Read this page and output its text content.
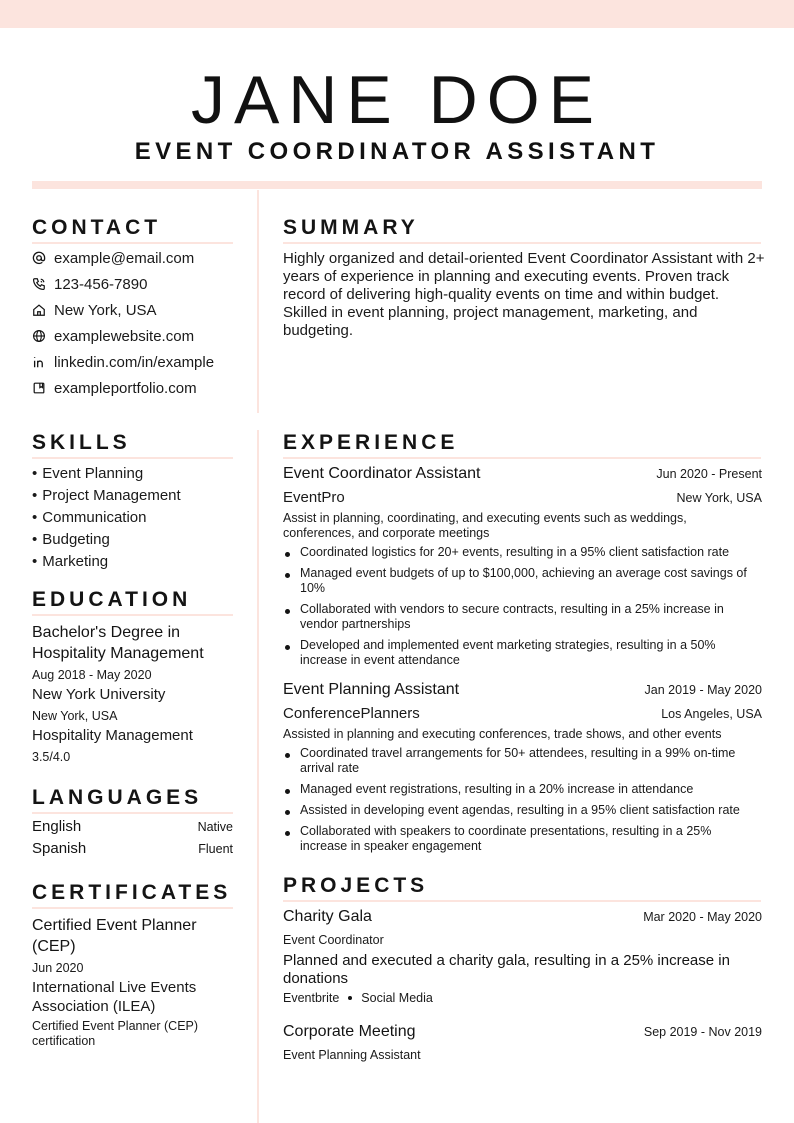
JANE DOE
EVENT COORDINATOR ASSISTANT
CONTACT
example@email.com
123-456-7890
New York, USA
examplewebsite.com
linkedin.com/in/example
exampleportfolio.com
SKILLS
• Event Planning
• Project Management
• Communication
• Budgeting
• Marketing
EDUCATION
Bachelor's Degree in Hospitality Management
Aug 2018 - May 2020
New York University
New York, USA
Hospitality Management
3.5/4.0
LANGUAGES
English	Native
Spanish	Fluent
CERTIFICATES
Certified Event Planner (CEP)
Jun 2020
International Live Events Association (ILEA)
Certified Event Planner (CEP) certification
SUMMARY
Highly organized and detail-oriented Event Coordinator Assistant with 2+ years of experience in planning and executing events. Proven track record of delivering high-quality events on time and within budget. Skilled in event planning, project management, marketing, and budgeting.
EXPERIENCE
Event Coordinator Assistant	Jun 2020 - Present
EventPro	New York, USA
Assist in planning, coordinating, and executing events such as weddings, conferences, and corporate meetings
Coordinated logistics for 20+ events, resulting in a 95% client satisfaction rate
Managed event budgets of up to $100,000, achieving an average cost savings of 10%
Collaborated with vendors to secure contracts, resulting in a 25% increase in vendor partnerships
Developed and implemented event marketing strategies, resulting in a 50% increase in event attendance
Event Planning Assistant	Jan 2019 - May 2020
ConferencePlanners	Los Angeles, USA
Assisted in planning and executing conferences, trade shows, and other events
Coordinated travel arrangements for 50+ attendees, resulting in a 99% on-time arrival rate
Managed event registrations, resulting in a 20% increase in attendance
Assisted in developing event agendas, resulting in a 95% client satisfaction rate
Collaborated with speakers to coordinate presentations, resulting in a 25% increase in speaker engagement
PROJECTS
Charity Gala	Mar 2020 - May 2020
Event Coordinator
Planned and executed a charity gala, resulting in a 25% increase in donations
Eventbrite Social Media
Corporate Meeting	Sep 2019 - Nov 2019
Event Planning Assistant
